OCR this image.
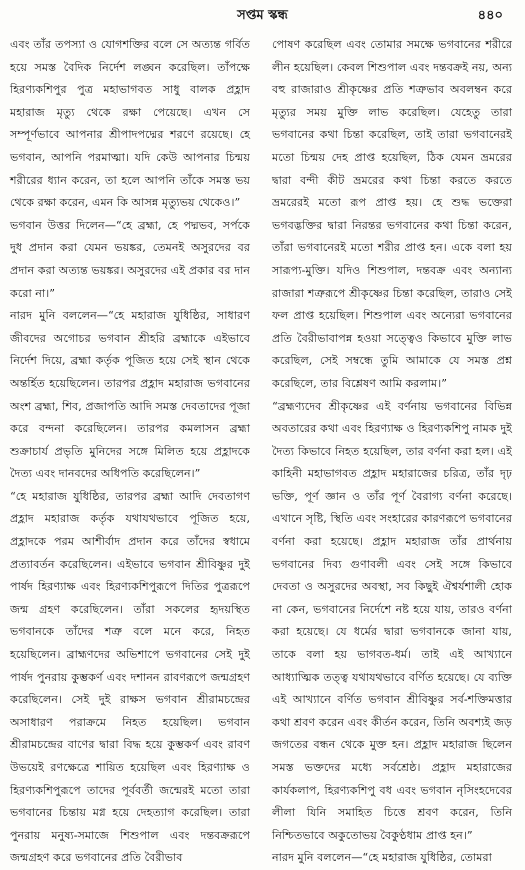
সপ্তম স্কন্ধ	৪৪০

এবং তাঁর তপস্যা ও যোগশক্তির বলে সে অত্যন্ত গর্বিত হয়ে সমস্ত বৈদিক নির্দেশ লঙ্ঘন করেছিল। তাঁপক্ষে হিরণ্যকশিপুর পুত্র মহাভাগবত সাধু বালক প্রহ্লাদ মহারাজ মৃত্যু থেকে রক্ষা পেয়েছে। এখন সে সম্পূর্ণভাবে আপনার শ্রীপাদপদ্মের শরণে রয়েছে। হে ভগবান, আপনি পরমাত্মা। যদি কেউ আপনার চিন্ময় শরীরের ধ্যান করেন, তা হলে আপনি তাঁকে সমস্ত ভয় থেকে রক্ষা করেন, এমন কি আসন্ন মৃত্যুভয় থেকেও।”

ভগবান উত্তর দিলেন—“হে ব্রহ্মা, হে পদ্মভব, সর্পকে দুধ প্রদান করা যেমন ভয়ঙ্কর, তেমনই অসুরদের বর প্রদান করা অত্যন্ত ভয়ঙ্কর। অসুরদের এই প্রকার বর দান করো না।”

নারদ মুনি বললেন—“হে মহারাজ যুধিষ্ঠির, সাধারণ জীবদের অগোচর ভগবান শ্রীহরি ব্রহ্মাকে এইভাবে নির্দেশ দিয়ে, ব্রহ্মা কর্তৃক পূজিত হয়ে সেই স্থান থেকে অন্তর্হিত হয়েছিলেন। তারপর প্রহ্লাদ মহারাজ ভগবানের অংশ ব্রহ্মা, শিব, প্রজাপতি আদি সমস্ত দেবতাদের পূজা করে বন্দনা করেছিলেন। তারপর কমলাসন ব্রহ্মা শুক্রাচার্য প্রভৃতি মুনিদের সঙ্গে মিলিত হয়ে প্রহ্লাদকে দৈত্য এবং দানবদের অধিপতি করেছিলেন।”

“হে মহারাজ যুধিষ্ঠির, তারপর ব্রহ্মা আদি দেবতাগণ প্রহ্লাদ মহারাজ কর্তৃক যথাযথভাবে পূজিত হয়ে, প্রহ্লাদকে পরম আশীর্বাদ প্রদান করে তাঁদের স্বধামে প্রত্যাবর্তন করেছিলেন। এইভাবে ভগবান শ্রীবিষ্ণুর দুই পার্ষদ হিরণ্যাক্ষ এবং হিরণ্যকশিপুরূপে দিতির পুত্ররূপে জন্ম গ্রহণ করেছিলেন। তাঁরা সকলের হৃদয়স্থিত ভগবানকে তাঁদের শত্রু বলে মনে করে, নিহত হয়েছিলেন। ব্রাহ্মণদের অভিশাপে ভগবানের সেই দুই পার্ষদ পুনরায় কুম্ভকর্ণ এবং দশানন রাবণরূপে জন্মগ্রহণ করেছিলেন। সেই দুই রাক্ষস ভগবান শ্রীরামচন্দ্রের অসাধারণ পরাক্রমে নিহত হয়েছিল। ভগবান শ্রীরামচন্দ্রের বাণের দ্বারা বিদ্ধ হয়ে কুম্ভকর্ণ এবং রাবণ উভয়েই রণক্ষেত্রে শায়িত হয়েছিল এবং হিরণ্যাক্ষ ও হিরণ্যকশিপুরূপে তাদের পূর্ববর্তী জন্মেরই মতো তারা ভগবানের চিন্তায় মগ্ন হয়ে দেহত্যাগ করেছিল। তারা পুনরায় মনুষ্য-সমাজে শিশুপাল এবং দন্তবক্ররূপে জন্মগ্রহণ করে ভগবানের প্রতি বৈরীভাব

পোষণ করেছিল এবং তোমার সমক্ষে ভগবানের শরীরে লীন হয়েছিল। কেবল শিশুপাল এবং দন্তবক্রই নয়, অন্য বহু রাজারাও শ্রীকৃষ্ণের প্রতি শত্রুভাব অবলম্বন করে মৃত্যুর সময় মুক্তি লাভ করেছিল। যেহেতু তারা ভগবানের কথা চিন্তা করেছিল, তাই তারা ভগবানেরই মতো চিন্ময় দেহ প্রাপ্ত হয়েছিল, ঠিক যেমন ভ্রমরের দ্বারা বন্দী কীট ভ্রমরের কথা চিন্তা করতে করতে ভ্রমরেরই মতো রূপ প্রাপ্ত হয়। হে শুদ্ধ ভক্তেরা ভগবদ্ভক্তির দ্বারা নিরন্তর ভগবানের কথা চিন্তা করেন, তাঁরা ভগবানেরই মতো শরীর প্রাপ্ত হন। একে বলা হয় সারূপ্য-মুক্তি। যদিও শিশুপাল, দন্তবক্র এবং অন্যান্য রাজারা শত্রুরূপে শ্রীকৃষ্ণের চিন্তা করেছিল, তারাও সেই ফল প্রাপ্ত হয়েছিল। শিশুপাল এবং অন্যেরা ভগবানের প্রতি বৈরীভাবাপন্ন হওয়া সত্ত্বেও কিভাবে মুক্তি লাভ করেছিল, সেই সম্বন্ধে তুমি আমাকে যে সমস্ত প্রশ্ন করেছিলে, তার বিশ্লেষণ আমি করলাম।”

“ব্রহ্মণ্যদেব শ্রীকৃষ্ণের এই বর্ণনায় ভগবানের বিভিন্ন অবতারের কথা এবং হিরণ্যাক্ষ ও হিরণ্যকশিপু নামক দুই দৈত্য কিভাবে নিহত হয়েছিল, তার বর্ণনা করা হল। এই কাহিনী মহাভাগবত প্রহ্লাদ মহারাজের চরিত্র, তাঁর দৃঢ় ভক্তি, পূর্ণ জ্ঞান ও তাঁর পূর্ণ বৈরাগ্য বর্ণনা করেছে। এখানে সৃষ্টি, স্থিতি এবং সংহারের কারণরূপে ভগবানের বর্ণনা করা হয়েছে। প্রহ্লাদ মহারাজ তাঁর প্রার্থনায় ভগবানের দিব্য গুণাবলী এবং সেই সঙ্গে কিভাবে দেবতা ও অসুরদের অবস্থা, সব কিছুই ঐশ্বর্যশালী হোক না কেন, ভগবানের নির্দেশে নষ্ট হয়ে যায়, তারও বর্ণনা করা হয়েছে। যে ধর্মের দ্বারা ভগবানকে জানা যায়, তাকে বলা হয় ভাগবত-ধর্ম। তাই এই আখ্যানে আধ্যাত্মিক তত্ত্ব যথাযথভাবে বর্ণিত হয়েছে। যে ব্যক্তি এই আখ্যানে বর্ণিত ভগবান শ্রীবিষ্ণুর সর্ব-শক্তিমত্তার কথা শ্রবণ করেন এবং কীর্তন করেন, তিনি অবশ্যই জড় জগতের বন্ধন থেকে মুক্ত হন। প্রহ্লাদ মহারাজ ছিলেন সমস্ত ভক্তদের মধ্যে সর্বশ্রেষ্ঠ। প্রহ্লাদ মহারাজের কার্যকলাপ, হিরণ্যকশিপু বধ এবং ভগবান নৃসিংহদেবের লীলা যিনি সমাহিত চিত্তে শ্রবণ করেন, তিনি নিশ্চিতভাবে অকুতোভয় বৈকুণ্ঠধাম প্রাপ্ত হন।”

নারদ মুনি বললেন—“হে মহারাজ যুধিষ্ঠির, তোমরা
